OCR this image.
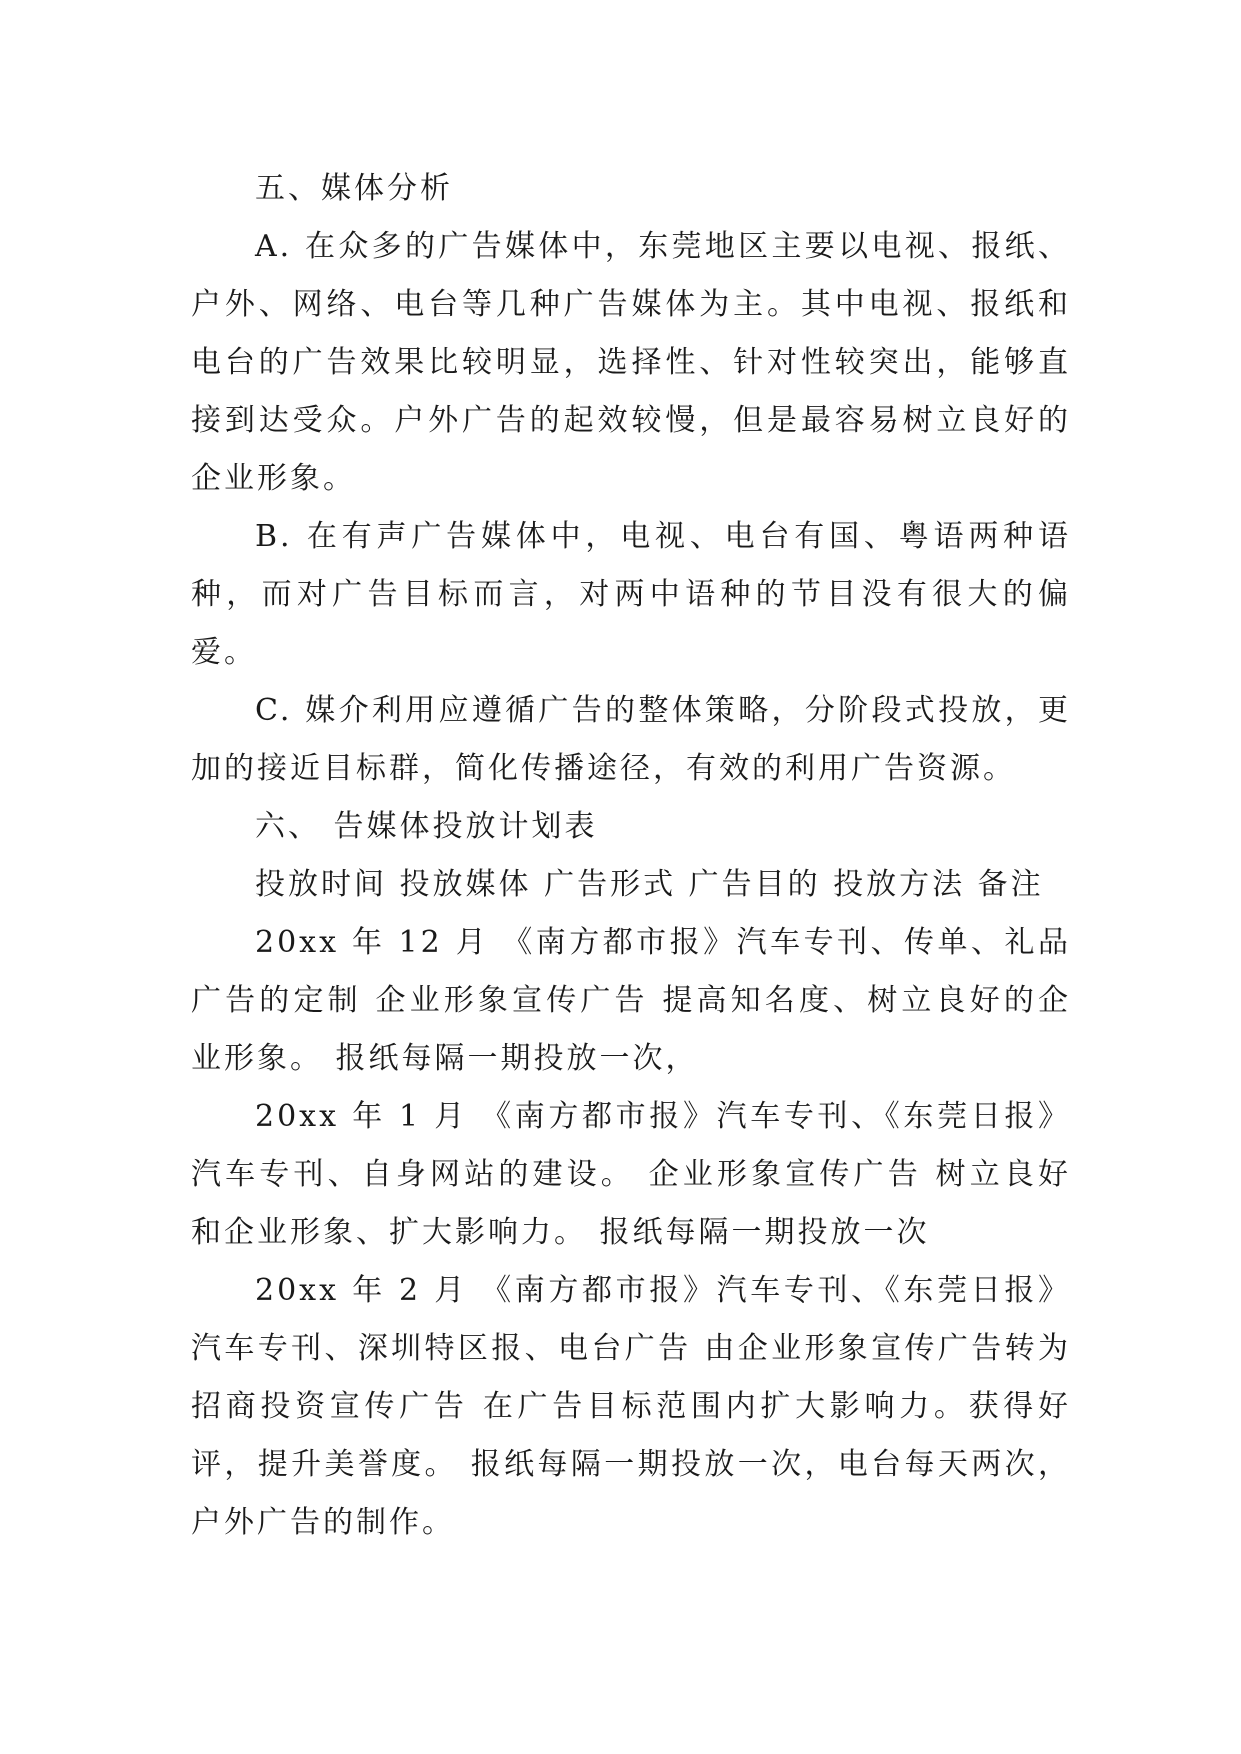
五、媒体分析

A. 在众多的广告媒体中，东莞地区主要以电视、报纸、户外、网络、电台等几种广告媒体为主。其中电视、报纸和电台的广告效果比较明显，选择性、针对性较突出，能够直接到达受众。户外广告的起效较慢，但是最容易树立良好的企业形象。

B. 在有声广告媒体中，电视、电台有国、粤语两种语种，而对广告目标而言，对两中语种的节目没有很大的偏爱。

C. 媒介利用应遵循广告的整体策略，分阶段式投放，更加的接近目标群，简化传播途径，有效的利用广告资源。

六、 告媒体投放计划表

投放时间 投放媒体 广告形式 广告目的 投放方法 备注

20xx 年 12 月 《南方都市报》汽车专刊、传单、礼品广告的定制 企业形象宣传广告 提高知名度、树立良好的企业形象。 报纸每隔一期投放一次，

20xx 年 1 月 《南方都市报》汽车专刊、《东莞日报》汽车专刊、自身网站的建设。 企业形象宣传广告 树立良好和企业形象、扩大影响力。 报纸每隔一期投放一次

20xx 年 2 月 《南方都市报》汽车专刊、《东莞日报》汽车专刊、深圳特区报、电台广告 由企业形象宣传广告转为招商投资宣传广告 在广告目标范围内扩大影响力。获得好评，提升美誉度。 报纸每隔一期投放一次，电台每天两次，户外广告的制作。
